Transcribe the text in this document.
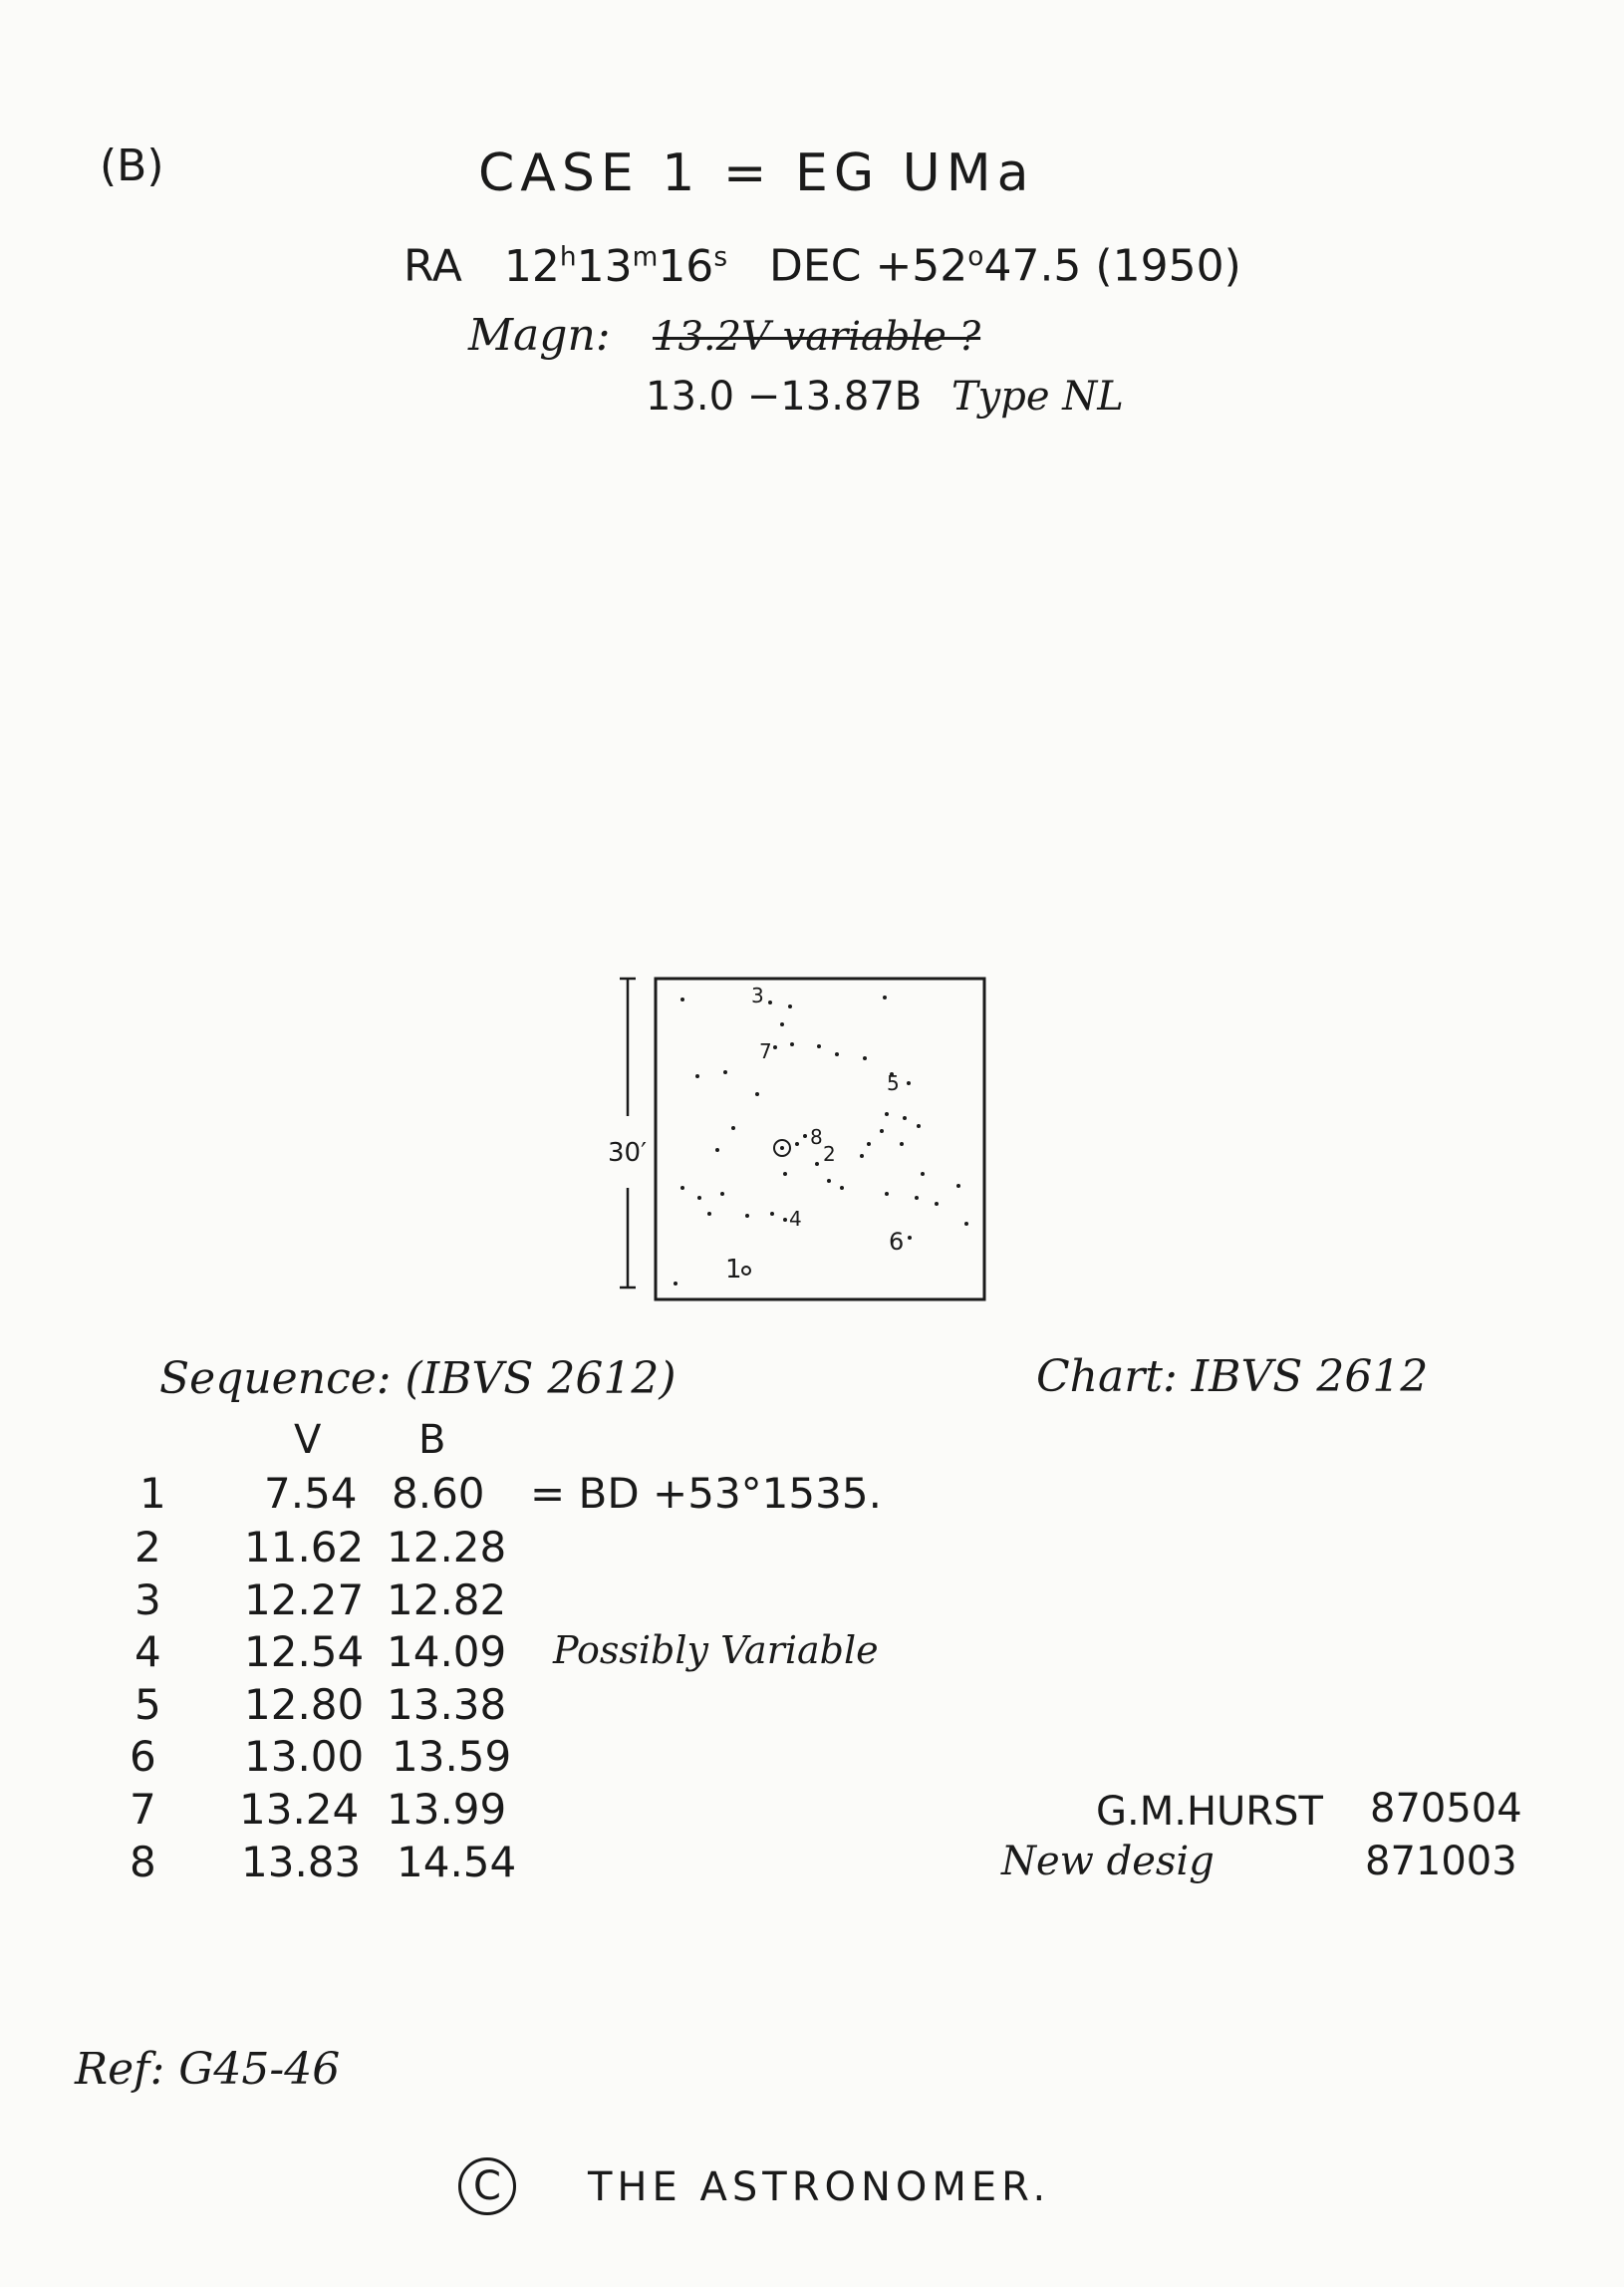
(B)	CASE 1 = EG UMa
RA 12$^h$13$^m$16$^s$ DEC $+52^o47.5$ (1950)
Magn: 13.2V variable ?
13.0 −13.87B Type NL
30′
1
2
3
4
5
6
7
8
Chart: IBVS 2612
Sequence: (IBVS 2612)
V B
1 7.54 8.60 = BD +53°1535.
2 11.62 12.28
3 12.27 12.82
4 12.54 14.09 Possibly Variable
5 12.80 13.38
6 13.00 13.59
7 13.24 13.99
8 13.83 14.54
G.M.HURST 870504
New desig	871003
Ref: G45-46
C	THE ASTRONOMER.
